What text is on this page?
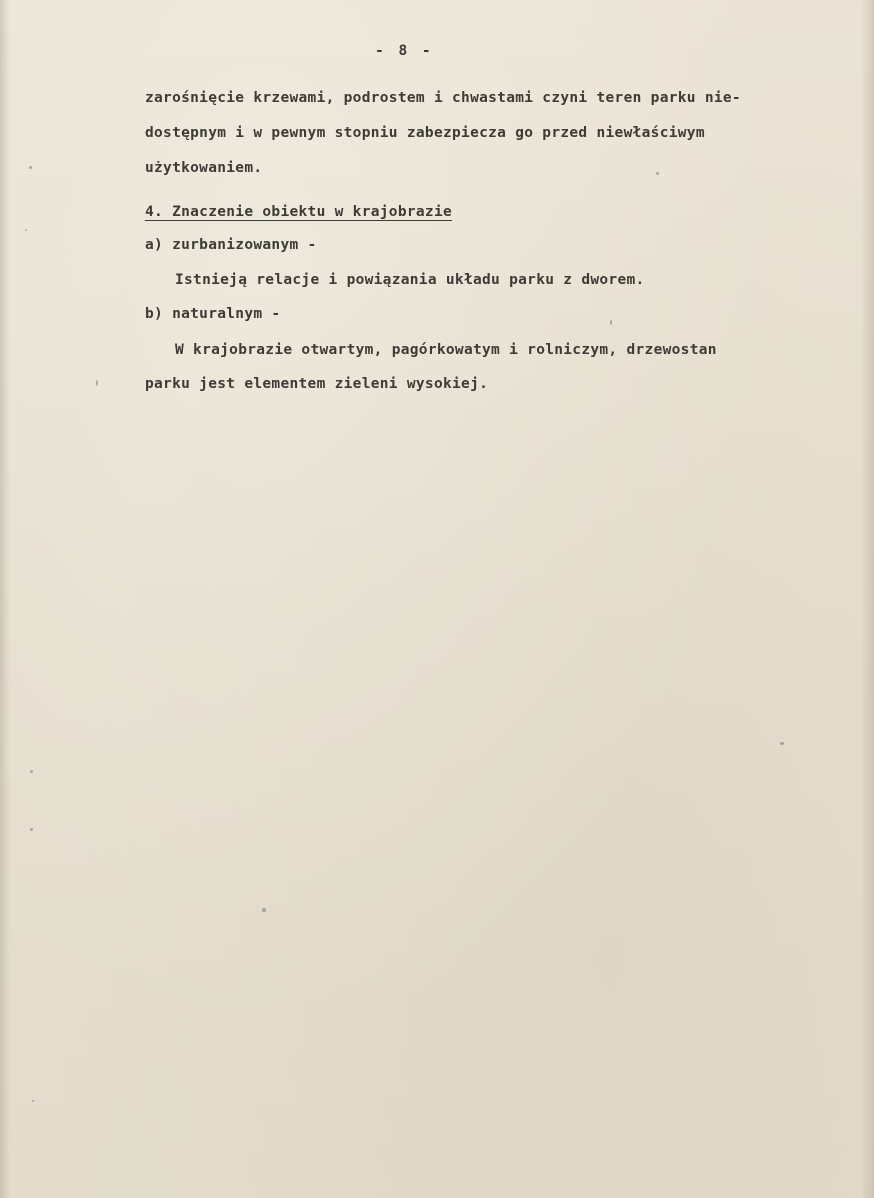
- 8 -
zarośnięcie krzewami, podrostem i chwastami czyni teren parku nie-
dostępnym i w pewnym stopniu zabezpiecza go przed niewłaściwym
użytkowaniem.
4. Znaczenie obiektu w krajobrazie
a) zurbanizowanym -
Istnieją relacje i powiązania układu parku z dworem.
b) naturalnym -
W krajobrazie otwartym, pagórkowatym i rolniczym, drzewostan
parku jest elementem zieleni wysokiej.
